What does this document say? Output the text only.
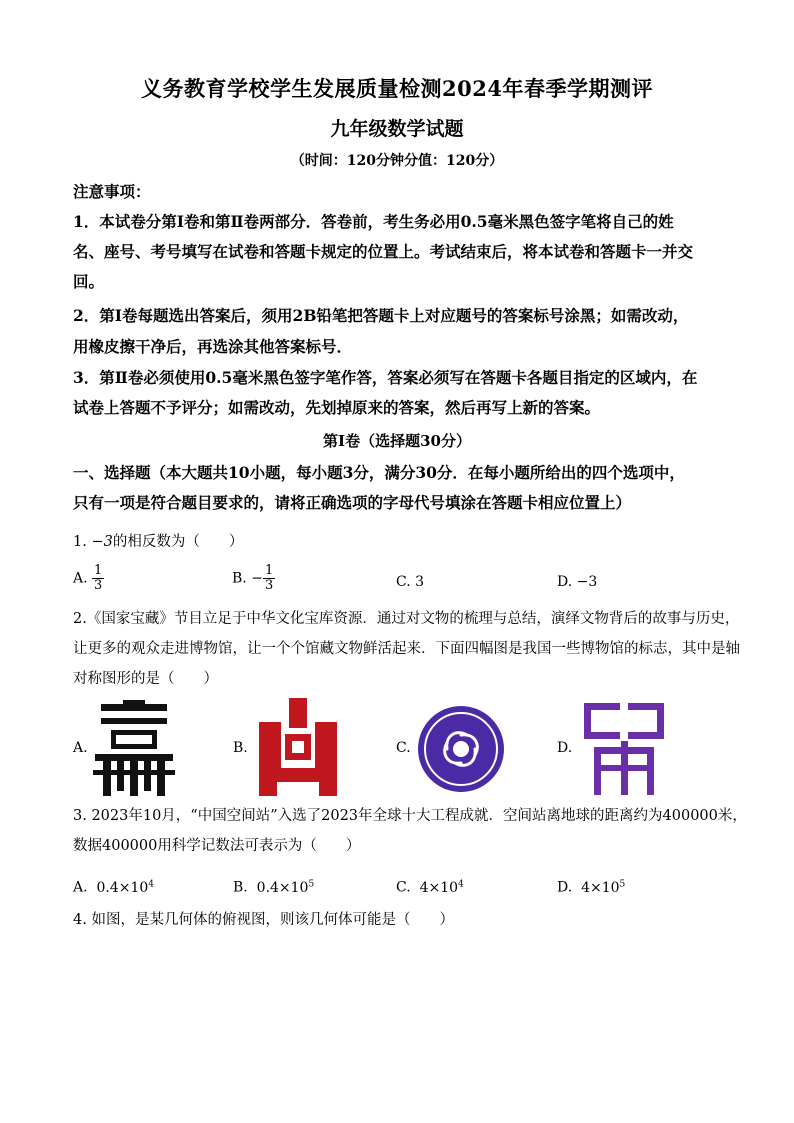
义务教育学校学生发展质量检测2024年春季学期测评
九年级数学试题
（时间：120分钟分值：120分）
注意事项：
1．本试卷分第Ⅰ卷和第Ⅱ卷两部分．答卷前，考生务必用0.5毫米黑色签字笔将自己的姓
名、座号、考号填写在试卷和答题卡规定的位置上。考试结束后，将本试卷和答题卡一并交
回。
2．第Ⅰ卷每题选出答案后，须用2B铅笔把答题卡上对应题号的答案标号涂黑；如需改动，
用橡皮擦干净后，再选涂其他答案标号．
3．第Ⅱ卷必须使用0.5毫米黑色签字笔作答，答案必须写在答题卡各题目指定的区域内，在
试卷上答题不予评分；如需改动，先划掉原来的答案，然后再写上新的答案。
第Ⅰ卷（选择题30分）
一、选择题（本大题共10小题，每小题3分，满分30分．在每小题所给出的四个选项中，
只有一项是符合题目要求的，请将正确选项的字母代号填涂在答题卡相应位置上）
1. −3的相反数为（　　）
A. $\frac{1}{3}$	B. − $\frac{1}{3}$	C. 3	D. −3
2.《国家宝藏》节目立足于中华文化宝库资源．通过对文物的梳理与总结，演绎文物背后的故事与历史，
让更多的观众走进博物馆，让一个个馆藏文物鲜活起来．下面四幅图是我国一些博物馆的标志，其中是轴
对称图形的是（　　）
A.	B.	C.	D.
3. 2023年10月，“中国空间站”入选了2023年全球十大工程成就．空间站离地球的距离约为400000米，
数据400000用科学记数法可表示为（　　）
A. $0.4\times 10^4$	B. $0.4\times 10^5$	C. $4\times 10^4$	D. $4\times 10^5$
4. 如图，是某几何体的俯视图，则该几何体可能是（　　）
